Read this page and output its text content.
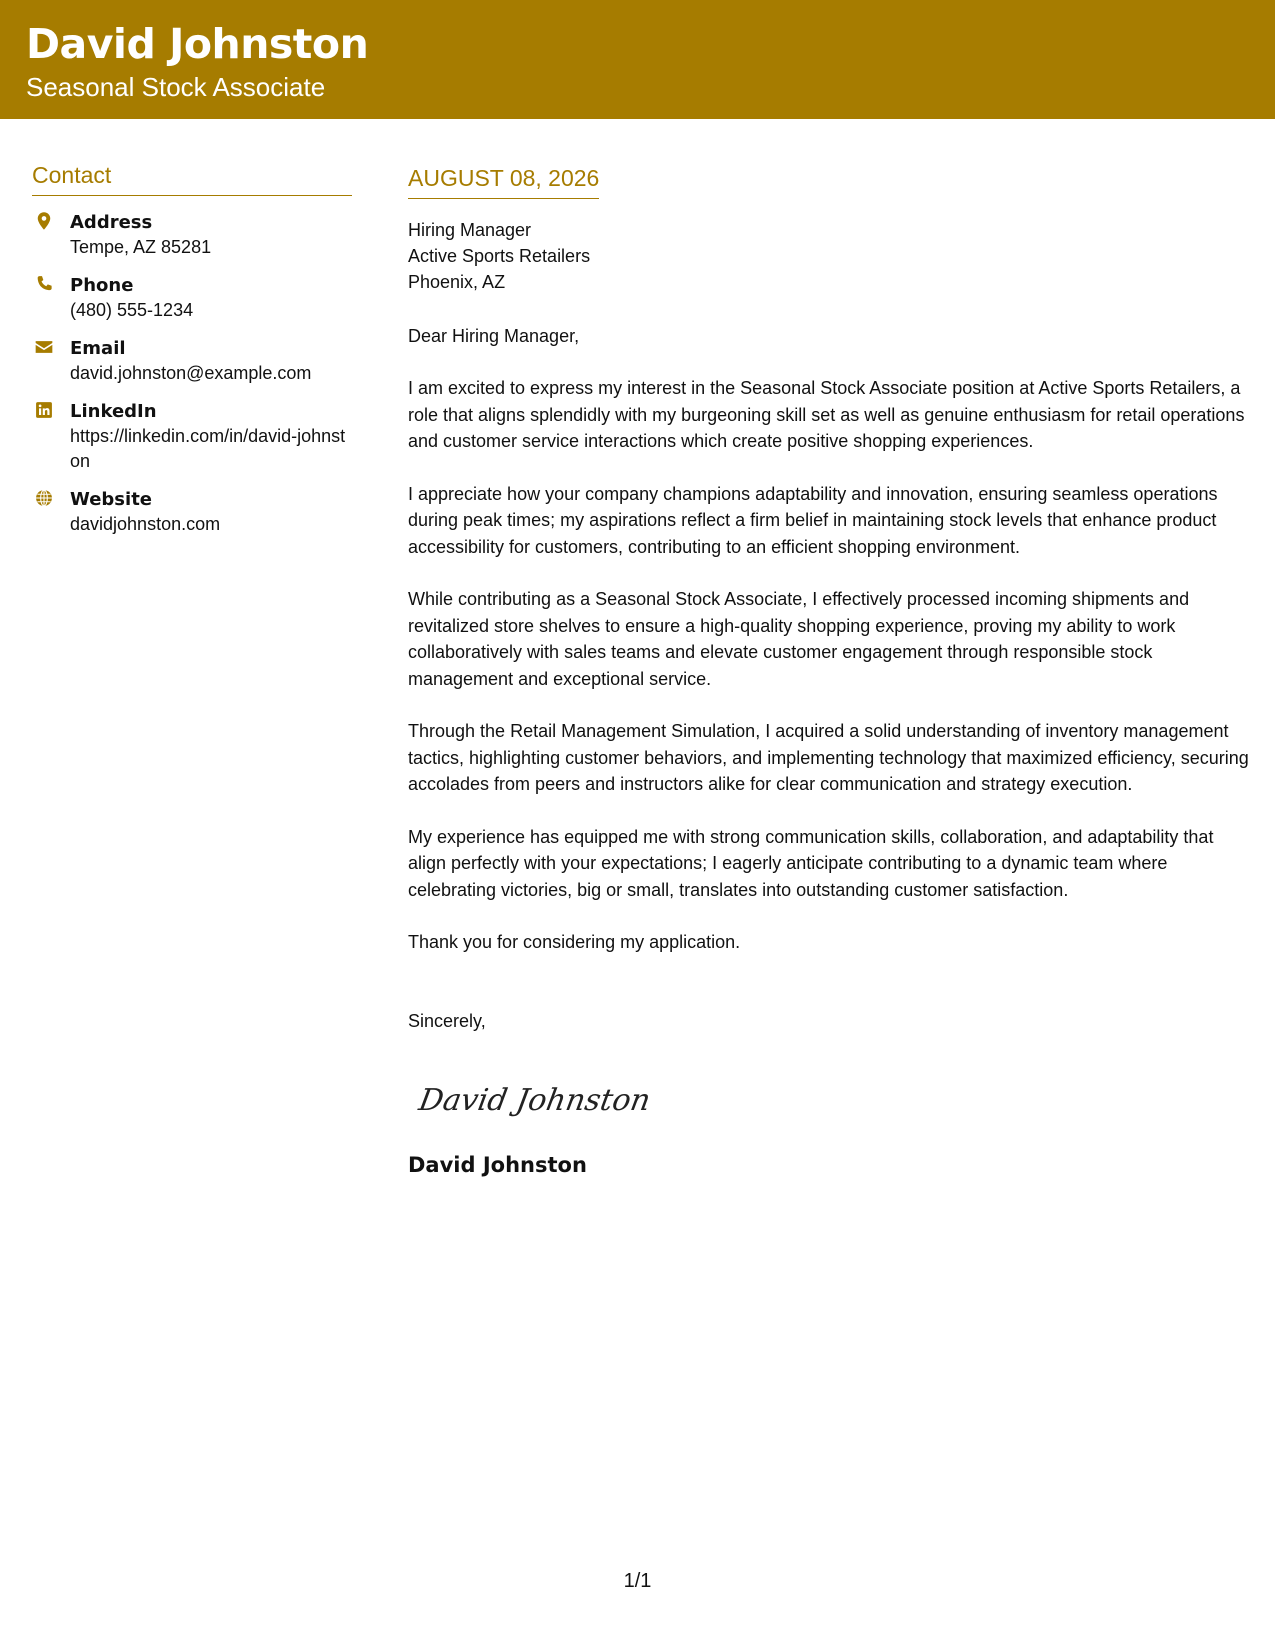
David Johnston
Seasonal Stock Associate
Contact
Address
Tempe, AZ 85281
Phone
(480) 555-1234
Email
david.johnston@example.com
LinkedIn
https://linkedin.com/in/david-johnston
Website
davidjohnston.com
AUGUST 08, 2026

Hiring Manager

Active Sports Retailers

Phoenix, AZ

Dear Hiring Manager,

I am excited to express my interest in the Seasonal Stock Associate position at Active Sports Retailers, a role that aligns splendidly with my burgeoning skill set as well as genuine enthusiasm for retail operations and customer service interactions which create positive shopping experiences.

I appreciate how your company champions adaptability and innovation, ensuring seamless operations during peak times; my aspirations reflect a firm belief in maintaining stock levels that enhance product accessibility for customers, contributing to an efficient shopping environment.

While contributing as a Seasonal Stock Associate, I effectively processed incoming shipments and revitalized store shelves to ensure a high-quality shopping experience, proving my ability to work collaboratively with sales teams and elevate customer engagement through responsible stock management and exceptional service.

Through the Retail Management Simulation, I acquired a solid understanding of inventory management tactics, highlighting customer behaviors, and implementing technology that maximized efficiency, securing accolades from peers and instructors alike for clear communication and strategy execution.

My experience has equipped me with strong communication skills, collaboration, and adaptability that align perfectly with your expectations; I eagerly anticipate contributing to a dynamic team where celebrating victories, big or small, translates into outstanding customer satisfaction.

Thank you for considering my application.

Sincerely,

David Johnston
David Johnston
1/1
